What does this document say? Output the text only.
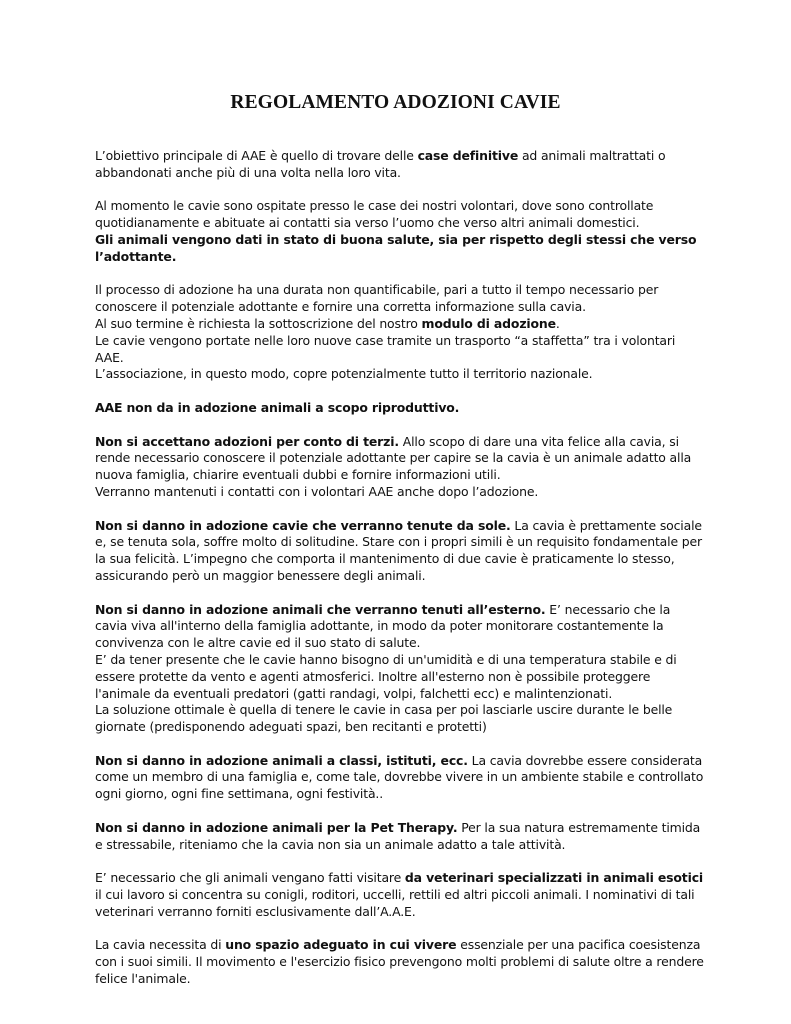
REGOLAMENTO ADOZIONI CAVIE

L’obiettivo principale di AAE è quello di trovare delle case definitive ad animali maltrattati o abbandonati anche più di una volta nella loro vita.

Al momento le cavie sono ospitate presso le case dei nostri volontari, dove sono controllate quotidianamente e abituate ai contatti sia verso l’uomo che verso altri animali domestici.
Gli animali vengono dati in stato di buona salute, sia per rispetto degli stessi che verso l’adottante.

Il processo di adozione ha una durata non quantificabile, pari a tutto il tempo necessario per conoscere il potenziale adottante e fornire una corretta informazione sulla cavia.
Al suo termine è richiesta la sottoscrizione del nostro modulo di adozione.
Le cavie vengono portate nelle loro nuove case tramite un trasporto “a staffetta” tra i volontari AAE.
L’associazione, in questo modo, copre potenzialmente tutto il territorio nazionale.

AAE non da in adozione animali a scopo riproduttivo.

Non si accettano adozioni per conto di terzi. Allo scopo di dare una vita felice alla cavia, si rende necessario conoscere il potenziale adottante per capire se la cavia è un animale adatto alla nuova famiglia, chiarire eventuali dubbi e fornire informazioni utili.
Verranno mantenuti i contatti con i volontari AAE anche dopo l’adozione.

Non si danno in adozione cavie che verranno tenute da sole. La cavia è prettamente sociale e, se tenuta sola, soffre molto di solitudine. Stare con i propri simili è un requisito fondamentale per la sua felicità. L’impegno che comporta il mantenimento di due cavie è praticamente lo stesso, assicurando però un maggior benessere degli animali.

Non si danno in adozione animali che verranno tenuti all’esterno. E’ necessario che la cavia viva all'interno della famiglia adottante, in modo da poter monitorare costantemente la convivenza con le altre cavie ed il suo stato di salute.
E’ da tener presente che le cavie hanno bisogno di un'umidità e di una temperatura stabile e di essere protette da vento e agenti atmosferici. Inoltre all'esterno non è possibile proteggere l'animale da eventuali predatori (gatti randagi, volpi, falchetti ecc) e malintenzionati.
La soluzione ottimale è quella di tenere le cavie in casa per poi lasciarle uscire durante le belle giornate (predisponendo adeguati spazi, ben recitanti e protetti)

Non si danno in adozione animali a classi, istituti, ecc. La cavia dovrebbe essere considerata come un membro di una famiglia e, come tale, dovrebbe vivere in un ambiente stabile e controllato ogni giorno, ogni fine settimana, ogni festività..

Non si danno in adozione animali per la Pet Therapy. Per la sua natura estremamente timida e stressabile, riteniamo che la cavia non sia un animale adatto a tale attività.

E’ necessario che gli animali vengano fatti visitare da veterinari specializzati in animali esotici il cui lavoro si concentra su conigli, roditori, uccelli, rettili ed altri piccoli animali. I nominativi di tali veterinari verranno forniti esclusivamente dall’A.A.E.

La cavia necessita di uno spazio adeguato in cui vivere essenziale per una pacifica coesistenza con i suoi simili. Il movimento e l'esercizio fisico prevengono molti problemi di salute oltre a rendere felice l'animale.
